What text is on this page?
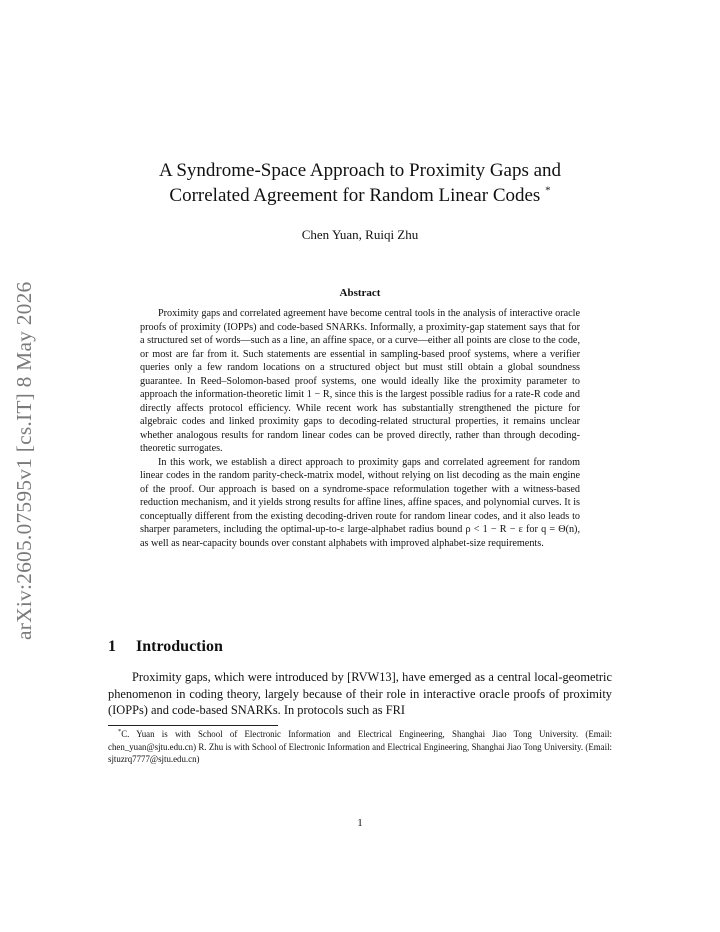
arXiv:2605.07595v1 [cs.IT] 8 May 2026
A Syndrome-Space Approach to Proximity Gaps and
Correlated Agreement for Random Linear Codes *
Chen Yuan, Ruiqi Zhu
Abstract

Proximity gaps and correlated agreement have become central tools in the analysis of interactive oracle proofs of proximity (IOPPs) and code-based SNARKs. Informally, a proximity-gap statement says that for a structured set of words—such as a line, an affine space, or a curve—either all points are close to the code, or most are far from it. Such statements are essential in sampling-based proof systems, where a verifier queries only a few random locations on a structured object but must still obtain a global soundness guarantee. In Reed–Solomon-based proof systems, one would ideally like the proximity parameter to approach the information-theoretic limit 1 − R, since this is the largest possible radius for a rate-R code and directly affects protocol efficiency. While recent work has substantially strengthened the picture for algebraic codes and linked proximity gaps to decoding-related structural properties, it remains unclear whether analogous results for random linear codes can be proved directly, rather than through decoding-theoretic surrogates.

In this work, we establish a direct approach to proximity gaps and correlated agreement for random linear codes in the random parity-check-matrix model, without relying on list decoding as the main engine of the proof. Our approach is based on a syndrome-space reformulation together with a witness-based reduction mechanism, and it yields strong results for affine lines, affine spaces, and polynomial curves. It is conceptually different from the existing decoding-driven route for random linear codes, and it also leads to sharper parameters, including the optimal-up-to-ε large-alphabet radius bound ρ < 1 − R − ε for q = Θ(n), as well as near-capacity bounds over constant alphabets with improved alphabet-size requirements.

1 Introduction

Proximity gaps, which were introduced by [RVW13], have emerged as a central local-geometric phenomenon in coding theory, largely because of their role in interactive oracle proofs of proximity (IOPPs) and code-based SNARKs. In protocols such as FRI

*C. Yuan is with School of Electronic Information and Electrical Engineering, Shanghai Jiao Tong University. (Email: chen_yuan@sjtu.edu.cn) R. Zhu is with School of Electronic Information and Electrical Engineering, Shanghai Jiao Tong University. (Email: sjtuzrq7777@sjtu.edu.cn)

1
